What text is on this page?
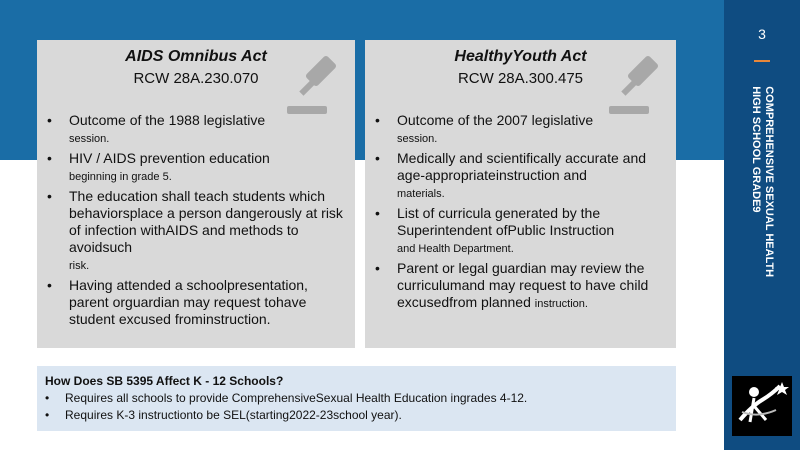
3

COMPREHENSIVE SEXUAL HEALTH
HIGH SCHOOL GRADE9

AIDS Omnibus Act
RCW 28A.230.070
• Outcome of the 1988 legislative
session.
• HIV / AIDS prevention education
beginning in grade 5.
• The education shall teach students which behaviorsplace a person dangerously at risk of infection withAIDS and methods to avoidsuch
risk.
• Having attended a schoolpresentation, parent orguardian may request tohave student excused frominstruction.
HealthyYouth Act
RCW 28A.300.475
• Outcome of the 2007 legislative
session.
• Medically and scientifically accurate and age-appropriateinstruction and
materials.
• List of curricula generated by the Superintendent ofPublic Instruction
and Health Department.
• Parent or legal guardian may review the curriculumand may request to have child excusedfrom planned instruction.
How Does SB 5395 Affect K - 12 Schools?
• Requires all schools to provide ComprehensiveSexual Health Education ingrades 4-12.
• Requires K-3 instructionto be SEL(starting2022-23school year).
